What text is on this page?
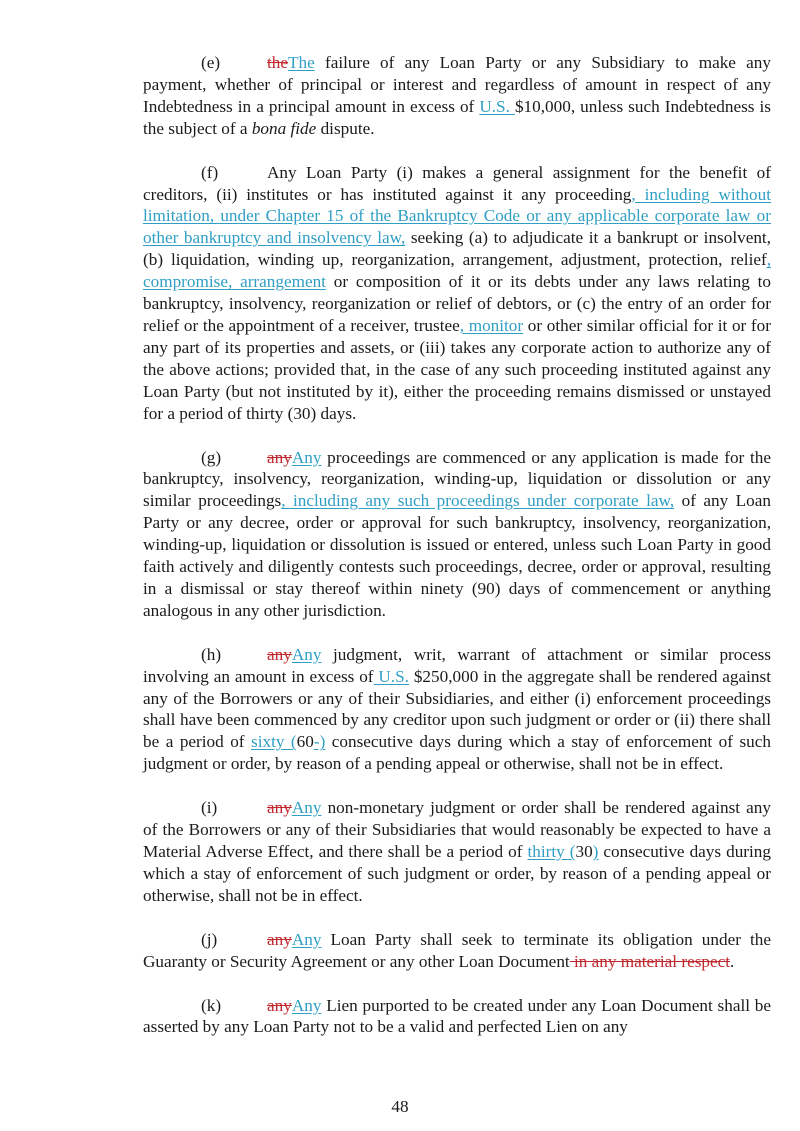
(e)	theThe failure of any Loan Party or any Subsidiary to make any payment, whether of principal or interest and regardless of amount in respect of any Indebtedness in a principal amount in excess of U.S. $10,000, unless such Indebtedness is the subject of a bona fide dispute.

(f)	Any Loan Party (i) makes a general assignment for the benefit of creditors, (ii) institutes or has instituted against it any proceeding, including without limitation, under Chapter 15 of the Bankruptcy Code or any applicable corporate law or other bankruptcy and insolvency law, seeking (a) to adjudicate it a bankrupt or insolvent, (b) liquidation, winding up, reorganization, arrangement, adjustment, protection, relief, compromise, arrangement or composition of it or its debts under any laws relating to bankruptcy, insolvency, reorganization or relief of debtors, or (c) the entry of an order for relief or the appointment of a receiver, trustee, monitor or other similar official for it or for any part of its properties and assets, or (iii) takes any corporate action to authorize any of the above actions; provided that, in the case of any such proceeding instituted against any Loan Party (but not instituted by it), either the proceeding remains dismissed or unstayed for a period of thirty (30) days.

(g)	anyAny proceedings are commenced or any application is made for the bankruptcy, insolvency, reorganization, winding-up, liquidation or dissolution or any similar proceedings, including any such proceedings under corporate law, of any Loan Party or any decree, order or approval for such bankruptcy, insolvency, reorganization, winding-up, liquidation or dissolution is issued or entered, unless such Loan Party in good faith actively and diligently contests such proceedings, decree, order or approval, resulting in a dismissal or stay thereof within ninety (90) days of commencement or anything analogous in any other jurisdiction.

(h)	anyAny judgment, writ, warrant of attachment or similar process involving an amount in excess of U.S. $250,000 in the aggregate shall be rendered against any of the Borrowers or any of their Subsidiaries, and either (i) enforcement proceedings shall have been commenced by any creditor upon such judgment or order or (ii) there shall be a period of sixty (60-) consecutive days during which a stay of enforcement of such judgment or order, by reason of a pending appeal or otherwise, shall not be in effect.

(i)	anyAny non-monetary judgment or order shall be rendered against any of the Borrowers or any of their Subsidiaries that would reasonably be expected to have a Material Adverse Effect, and there shall be a period of thirty (30) consecutive days during which a stay of enforcement of such judgment or order, by reason of a pending appeal or otherwise, shall not be in effect.

(j)	anyAny Loan Party shall seek to terminate its obligation under the Guaranty or Security Agreement or any other Loan Document in any material respect.

(k)	anyAny Lien purported to be created under any Loan Document shall be asserted by any Loan Party not to be a valid and perfected Lien on any

48
